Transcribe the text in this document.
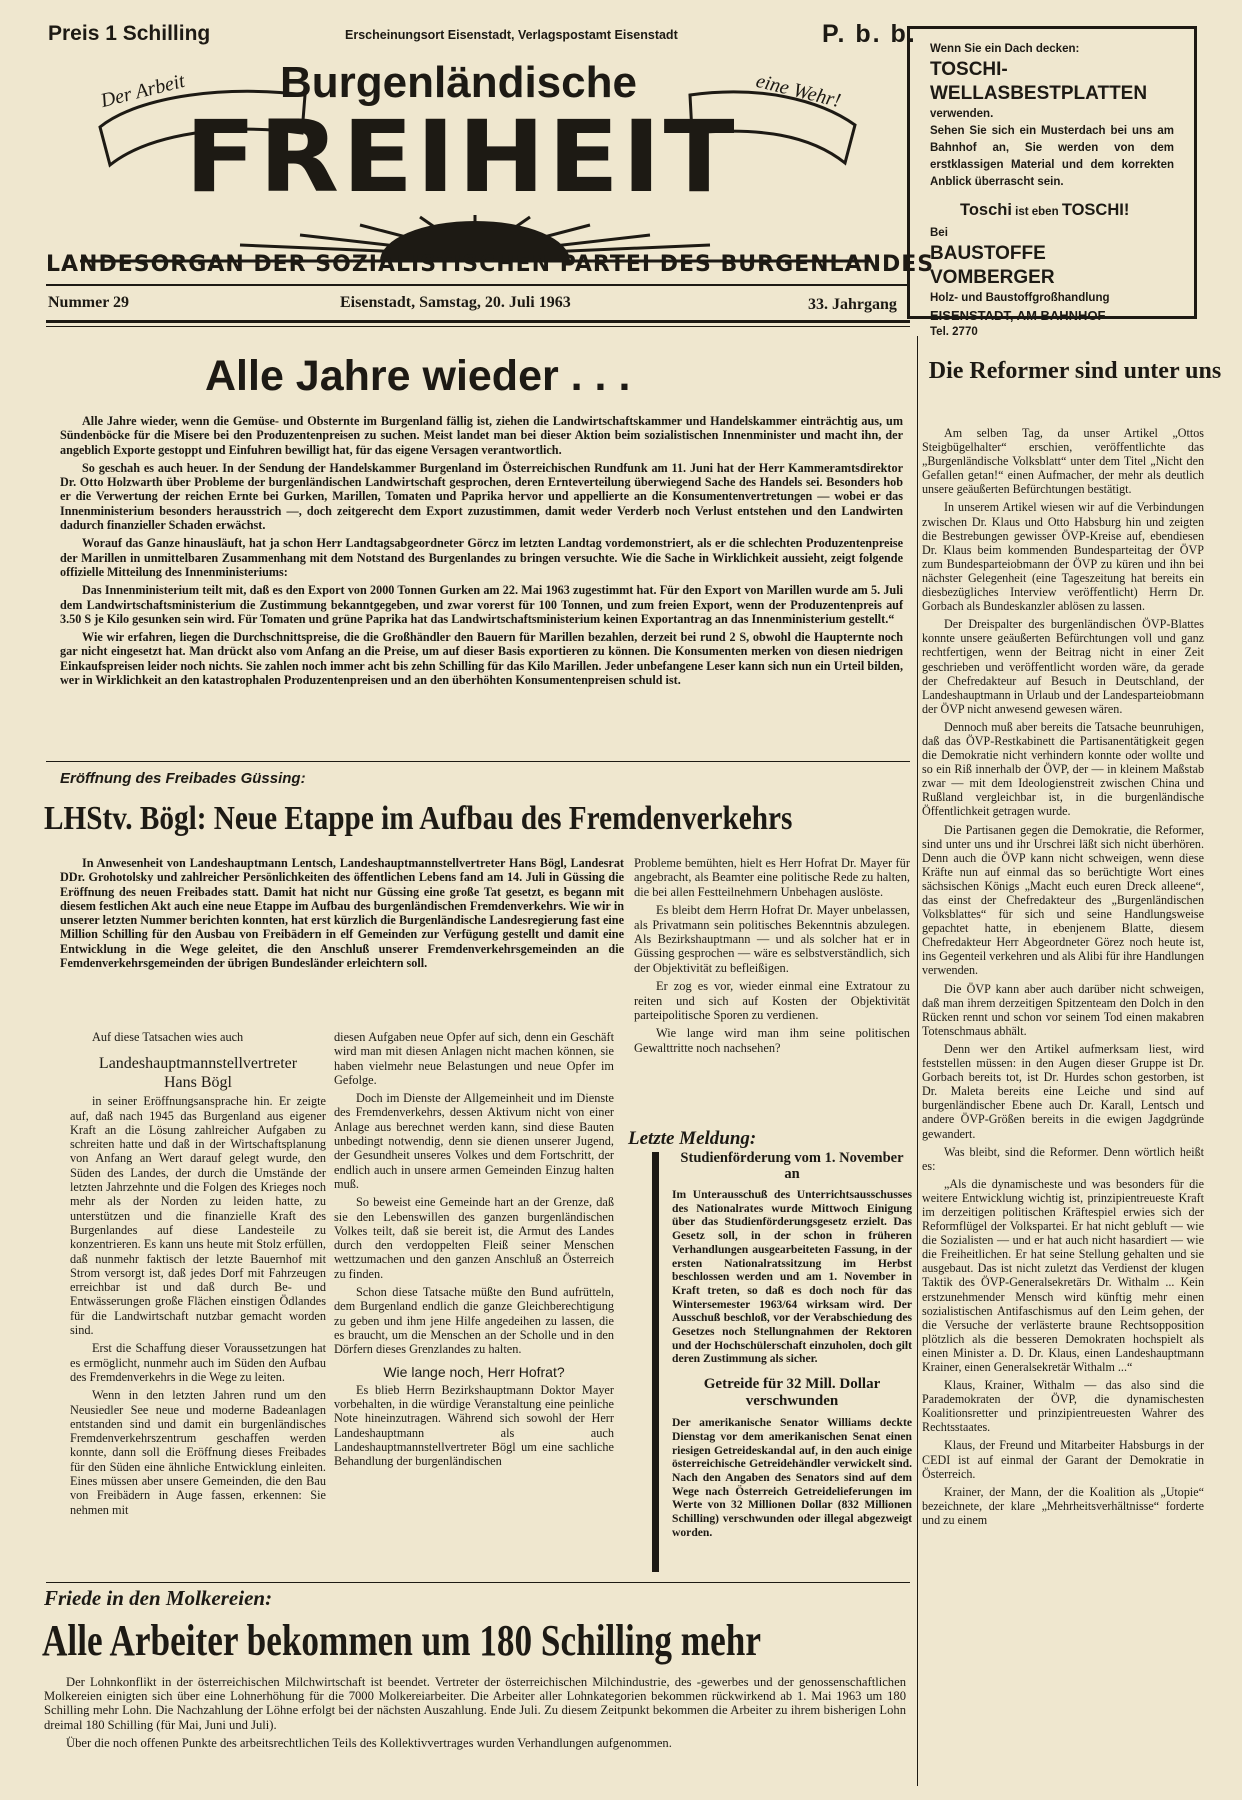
Preis 1 Schilling	Erscheinungsort Eisenstadt, Verlagspostamt Eisenstadt	P. b. b.
Der Arbeit	eine Wehr!
Burgenländische
FREIHEIT
LANDESORGAN DER SOZIALISTISCHEN PARTEI DES BURGENLANDES
Nummer 29	Eisenstadt, Samstag, 20. Juli 1963	33. Jahrgang
Wenn Sie ein Dach decken:
TOSCHI-WELLASBESTPLATTEN
verwenden.
Sehen Sie sich ein Musterdach bei uns am Bahnhof an, Sie werden von dem erstklassigen Material und dem korrekten Anblick überrascht sein.
Toschi ist eben TOSCHI!
Bei
BAUSTOFFE VOMBERGER
Holz- und Baustoffgroßhandlung
EISENSTADT, AM BAHNHOF
Tel. 2770
Alle Jahre wieder . . .

Alle Jahre wieder, wenn die Gemüse- und Obsternte im Burgenland fällig ist, ziehen die Landwirtschaftskammer und Handelskammer einträchtig aus, um Sündenböcke für die Misere bei den Produzentenpreisen zu suchen. Meist landet man bei dieser Aktion beim sozialistischen Innenminister und macht ihn, der angeblich Exporte gestoppt und Einfuhren bewilligt hat, für das eigene Versagen verantwortlich.

So geschah es auch heuer. In der Sendung der Handelskammer Burgenland im Österreichischen Rundfunk am 11. Juni hat der Herr Kammeramtsdirektor Dr. Otto Holzwarth über Probleme der burgenländischen Landwirtschaft gesprochen, deren Ernteverteilung überwiegend Sache des Handels sei. Besonders hob er die Verwertung der reichen Ernte bei Gurken, Marillen, Tomaten und Paprika hervor und appellierte an die Konsumentenvertretungen — wobei er das Innenministerium besonders herausstrich —, doch zeitgerecht dem Export zuzustimmen, damit weder Verderb noch Verlust entstehen und den Landwirten dadurch finanzieller Schaden erwächst.

Worauf das Ganze hinausläuft, hat ja schon Herr Landtagsabgeordneter Görcz im letzten Landtag vordemonstriert, als er die schlechten Produzentenpreise der Marillen in unmittelbaren Zusammenhang mit dem Notstand des Burgenlandes zu bringen versuchte. Wie die Sache in Wirklichkeit aussieht, zeigt folgende offizielle Mitteilung des Innenministeriums:

Das Innenministerium teilt mit, daß es den Export von 2000 Tonnen Gurken am 22. Mai 1963 zugestimmt hat. Für den Export von Marillen wurde am 5. Juli dem Landwirtschaftsministerium die Zustimmung bekanntgegeben, und zwar vorerst für 100 Tonnen, und zum freien Export, wenn der Produzentenpreis auf 3.50 S je Kilo gesunken sein wird. Für Tomaten und grüne Paprika hat das Landwirtschaftsministerium keinen Exportantrag an das Innenministerium gestellt.“

Wie wir erfahren, liegen die Durchschnittspreise, die die Großhändler den Bauern für Marillen bezahlen, derzeit bei rund 2 S, obwohl die Haupternte noch gar nicht eingesetzt hat. Man drückt also vom Anfang an die Preise, um auf dieser Basis exportieren zu können. Die Konsumenten merken von diesen niedrigen Einkaufspreisen leider noch nichts. Sie zahlen noch immer acht bis zehn Schilling für das Kilo Marillen. Jeder unbefangene Leser kann sich nun ein Urteil bilden, wer in Wirklichkeit an den katastrophalen Produzentenpreisen und an den überhöhten Konsumentenpreisen schuld ist.

Eröffnung des Freibades Güssing:
LHStv. Bögl: Neue Etappe im Aufbau des Fremdenverkehrs

In Anwesenheit von Landeshauptmann Lentsch, Landeshauptmannstellvertreter Hans Bögl, Landesrat DDr. Grohotolsky und zahlreicher Persönlichkeiten des öffentlichen Lebens fand am 14. Juli in Güssing die Eröffnung des neuen Freibades statt. Damit hat nicht nur Güssing eine große Tat gesetzt, es begann mit diesem festlichen Akt auch eine neue Etappe im Aufbau des burgenländischen Fremdenverkehrs. Wie wir in unserer letzten Nummer berichten konnten, hat erst kürzlich die Burgenländische Landesregierung fast eine Million Schilling für den Ausbau von Freibädern in elf Gemeinden zur Verfügung gestellt und damit eine Entwicklung in die Wege geleitet, die den Anschluß unserer Fremdenverkehrsgemeinden an die Femdenverkehrsgemeinden der übrigen Bundesländer erleichtern soll.

Probleme bemühten, hielt es Herr Hofrat Dr. Mayer für angebracht, als Beamter eine politische Rede zu halten, die bei allen Festteilnehmern Unbehagen auslöste.

Es bleibt dem Herrn Hofrat Dr. Mayer unbelassen, als Privatmann sein politisches Bekenntnis abzulegen. Als Bezirkshauptmann — und als solcher hat er in Güssing gesprochen — wäre es selbstverständlich, sich der Objektivität zu befleißigen.

Er zog es vor, wieder einmal eine Extratour zu reiten und sich auf Kosten der Objektivität parteipolitische Sporen zu verdienen.

Wie lange wird man ihm seine politischen Gewalttritte noch nachsehen?

Auf diese Tatsachen wies auch

Landeshauptmannstellvertreter
Hans Bögl

in seiner Eröffnungsansprache hin. Er zeigte auf, daß nach 1945 das Burgenland aus eigener Kraft an die Lösung zahlreicher Aufgaben zu schreiten hatte und daß in der Wirtschaftsplanung von Anfang an Wert darauf gelegt wurde, den Süden des Landes, der durch die Umstände der letzten Jahrzehnte und die Folgen des Krieges noch mehr als der Norden zu leiden hatte, zu unterstützen und die finanzielle Kraft des Burgenlandes auf diese Landesteile zu konzentrieren. Es kann uns heute mit Stolz erfüllen, daß nunmehr faktisch der letzte Bauernhof mit Strom versorgt ist, daß jedes Dorf mit Fahrzeugen erreichbar ist und daß durch Be- und Entwässerungen große Flächen einstigen Ödlandes für die Landwirtschaft nutzbar gemacht worden sind.

Erst die Schaffung dieser Voraussetzungen hat es ermöglicht, nunmehr auch im Süden den Aufbau des Fremdenverkehrs in die Wege zu leiten.

Wenn in den letzten Jahren rund um den Neusiedler See neue und moderne Badeanlagen entstanden sind und damit ein burgenländisches Fremdenverkehrszentrum geschaffen werden konnte, dann soll die Eröffnung dieses Freibades für den Süden eine ähnliche Entwicklung einleiten. Eines müssen aber unsere Gemeinden, die den Bau von Freibädern in Auge fassen, erkennen: Sie nehmen mit

diesen Aufgaben neue Opfer auf sich, denn ein Geschäft wird man mit diesen Anlagen nicht machen können, sie haben vielmehr neue Belastungen und neue Opfer im Gefolge.

Doch im Dienste der Allgemeinheit und im Dienste des Fremdenverkehrs, dessen Aktivum nicht von einer Anlage aus berechnet werden kann, sind diese Bauten unbedingt notwendig, denn sie dienen unserer Jugend, der Gesundheit unseres Volkes und dem Fortschritt, der endlich auch in unsere armen Gemeinden Einzug halten muß.

So beweist eine Gemeinde hart an der Grenze, daß sie den Lebenswillen des ganzen burgenländischen Volkes teilt, daß sie bereit ist, die Armut des Landes durch den verdoppelten Fleiß seiner Menschen wettzumachen und den ganzen Anschluß an Österreich zu finden.

Schon diese Tatsache müßte den Bund aufrütteln, dem Burgenland endlich die ganze Gleichberechtigung zu geben und ihm jene Hilfe angedeihen zu lassen, die es braucht, um die Menschen an der Scholle und in den Dörfern dieses Grenzlandes zu halten.

Wie lange noch, Herr Hofrat?

Es blieb Herrn Bezirkshauptmann Doktor Mayer vorbehalten, in die würdige Veranstaltung eine peinliche Note hineinzutragen. Während sich sowohl der Herr Landeshauptmann als auch Landeshauptmannstellvertreter Bögl um eine sachliche Behandlung der burgenländischen

Letzte Meldung:
Studienförderung vom 1. November an
Im Unterausschuß des Unterrichtsausschusses des Nationalrates wurde Mittwoch Einigung über das Studienförderungsgesetz erzielt. Das Gesetz soll, in der schon in früheren Verhandlungen ausgearbeiteten Fassung, in der ersten Nationalratssitzung im Herbst beschlossen werden und am 1. November in Kraft treten, so daß es doch noch für das Wintersemester 1963/64 wirksam wird. Der Ausschuß beschloß, vor der Verabschiedung des Gesetzes noch Stellungnahmen der Rektoren und der Hochschülerschaft einzuholen, doch gilt deren Zustimmung als sicher.
Getreide für 32 Mill. Dollar verschwunden
Der amerikanische Senator Williams deckte Dienstag vor dem amerikanischen Senat einen riesigen Getreideskandal auf, in den auch einige österreichische Getreidehändler verwickelt sind. Nach den Angaben des Senators sind auf dem Wege nach Österreich Getreidelieferungen im Werte von 32 Millionen Dollar (832 Millionen Schilling) verschwunden oder illegal abgezweigt worden.
Friede in den Molkereien:
Alle Arbeiter bekommen um 180 Schilling mehr

Der Lohnkonflikt in der österreichischen Milchwirtschaft ist beendet. Vertreter der österreichischen Milchindustrie, des -gewerbes und der genossenschaftlichen Molkereien einigten sich über eine Lohnerhöhung für die 7000 Molkereiarbeiter. Die Arbeiter aller Lohnkategorien bekommen rückwirkend ab 1. Mai 1963 um 180 Schilling mehr Lohn. Die Nachzahlung der Löhne erfolgt bei der nächsten Auszahlung. Ende Juli. Zu diesem Zeitpunkt bekommen die Arbeiter zu ihrem bisherigen Lohn dreimal 180 Schilling (für Mai, Juni und Juli).

Über die noch offenen Punkte des arbeitsrechtlichen Teils des Kollektivvertrages wurden Verhandlungen aufgenommen.

Die Reformer sind unter uns

Am selben Tag, da unser Artikel „Ottos Steigbügelhalter“ erschien, veröffentlichte das „Burgenländische Volksblatt“ unter dem Titel „Nicht den Gefallen getan!“ einen Aufmacher, der mehr als deutlich unsere geäußerten Befürchtungen bestätigt.

In unserem Artikel wiesen wir auf die Verbindungen zwischen Dr. Klaus und Otto Habsburg hin und zeigten die Bestrebungen gewisser ÖVP-Kreise auf, ebendiesen Dr. Klaus beim kommenden Bundesparteitag der ÖVP zum Bundesparteiobmann der ÖVP zu küren und ihn bei nächster Gelegenheit (eine Tageszeitung hat bereits ein diesbezügliches Interview veröffentlicht) Herrn Dr. Gorbach als Bundeskanzler ablösen zu lassen.

Der Dreispalter des burgenländischen ÖVP-Blattes konnte unsere geäußerten Befürchtungen voll und ganz rechtfertigen, wenn der Beitrag nicht in einer Zeit geschrieben und veröffentlicht worden wäre, da gerade der Chefredakteur auf Besuch in Deutschland, der Landeshauptmann in Urlaub und der Landesparteiobmann der ÖVP nicht anwesend gewesen wären.

Dennoch muß aber bereits die Tatsache beunruhigen, daß das ÖVP-Restkabinett die Partisanentätigkeit gegen die Demokratie nicht verhindern konnte oder wollte und so ein Riß innerhalb der ÖVP, der — in kleinem Maßstab zwar — mit dem Ideologienstreit zwischen China und Rußland vergleichbar ist, in die burgenländische Öffentlichkeit getragen wurde.

Die Partisanen gegen die Demokratie, die Reformer, sind unter uns und ihr Urschrei läßt sich nicht überhören. Denn auch die ÖVP kann nicht schweigen, wenn diese Kräfte nun auf einmal das so berüchtigte Wort eines sächsischen Königs „Macht euch euren Dreck alleene“, das einst der Chefredakteur des „Burgenländischen Volksblattes“ für sich und seine Handlungsweise gepachtet hatte, in ebenjenem Blatte, diesem Chefredakteur Herr Abgeordneter Görez noch heute ist, ins Gegenteil verkehren und als Alibi für ihre Handlungen verwenden.

Die ÖVP kann aber auch darüber nicht schweigen, daß man ihrem derzeitigen Spitzenteam den Dolch in den Rücken rennt und schon vor seinem Tod einen makabren Totenschmaus abhält.

Denn wer den Artikel aufmerksam liest, wird feststellen müssen: in den Augen dieser Gruppe ist Dr. Gorbach bereits tot, ist Dr. Hurdes schon gestorben, ist Dr. Maleta bereits eine Leiche und sind auf burgenländischer Ebene auch Dr. Karall, Lentsch und andere ÖVP-Größen bereits in die ewigen Jagdgründe gewandert.

Was bleibt, sind die Reformer. Denn wörtlich heißt es:

„Als die dynamischeste und was besonders für die weitere Entwicklung wichtig ist, prinzipientreueste Kraft im derzeitigen politischen Kräftespiel erwies sich der Reformflügel der Volkspartei. Er hat nicht gebluft — wie die Sozialisten — und er hat auch nicht hasardiert — wie die Freiheitlichen. Er hat seine Stellung gehalten und sie ausgebaut. Das ist nicht zuletzt das Verdienst der klugen Taktik des ÖVP-Generalsekretärs Dr. Withalm ... Kein erstzunehmender Mensch wird künftig mehr einen sozialistischen Antifaschismus auf den Leim gehen, der die Versuche der verlästerte braune Rechtsopposition plötzlich als die besseren Demokraten hochspielt als einen Minister a. D. Dr. Klaus, einen Landeshauptmann Krainer, einen Generalsekretär Withalm ...“

Klaus, Krainer, Withalm — das also sind die Parademokraten der ÖVP, die dynamischesten Koalitionsretter und prinzipientreuesten Wahrer des Rechtsstaates.

Klaus, der Freund und Mitarbeiter Habsburgs in der CEDI ist auf einmal der Garant der Demokratie in Österreich.

Krainer, der Mann, der die Koalition als „Utopie“ bezeichnete, der klare „Mehrheitsverhältnisse“ forderte und zu einem
